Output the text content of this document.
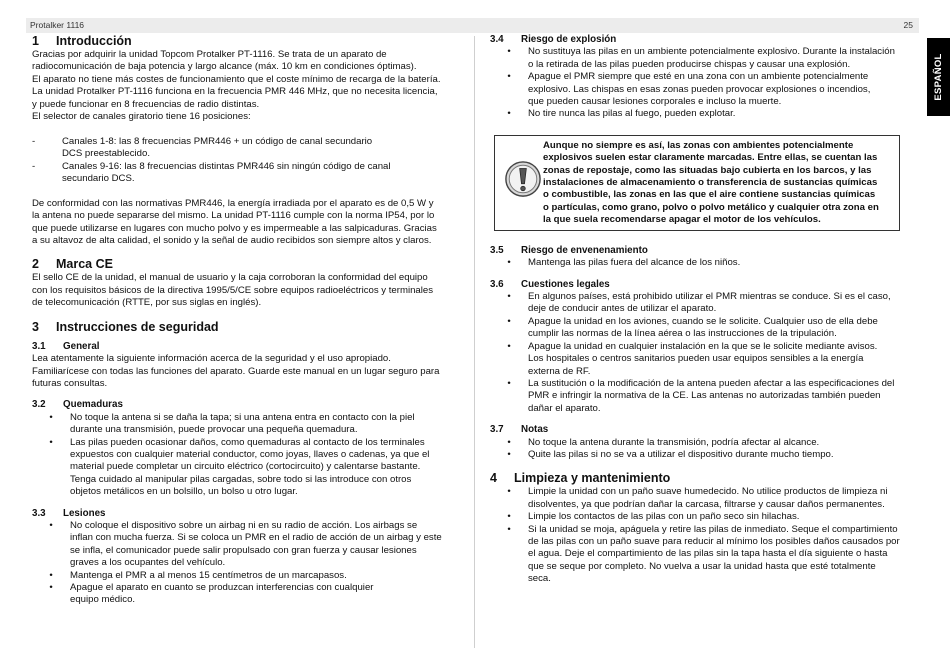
Protalker 1116	25
ESPAÑOL
1	Introducción

Gracias por adquirir la unidad Topcom Protalker PT-1116. Se trata de un aparato de

radiocomunicación de baja potencia y largo alcance (máx. 10 km en condiciones óptimas).

El aparato no tiene más costes de funcionamiento que el coste mínimo de recarga de la batería.

La unidad Protalker PT-1116 funciona en la frecuencia PMR 446 MHz, que no necesita licencia,

y puede funcionar en 8 frecuencias de radio distintas.

El selector de canales giratorio tiene 16 posiciones:

-	Canales 1-8: las 8 frecuencias PMR446 + un código de canal secundario

DCS preestablecido.

-	Canales 9-16: las 8 frecuencias distintas PMR446 sin ningún código de canal

secundario DCS.

De conformidad con las normativas PMR446, la energía irradiada por el aparato es de 0,5 W y

la antena no puede separarse del mismo. La unidad PT-1116 cumple con la norma IP54, por lo

que puede utilizarse en lugares con mucho polvo y es impermeable a las salpicaduras. Gracias

a su altavoz de alta calidad, el sonido y la señal de audio recibidos son siempre altos y claros.

2	Marca CE

El sello CE de la unidad, el manual de usuario y la caja corroboran la conformidad del equipo

con los requisitos básicos de la directiva 1995/5/CE sobre equipos radioeléctricos y terminales

de telecomunicación (RTTE, por sus siglas en inglés).

3	Instrucciones de seguridad
3.1	General

Lea atentamente la siguiente información acerca de la seguridad y el uso apropiado.

Familiarícese con todas las funciones del aparato. Guarde este manual en un lugar seguro para

futuras consultas.

3.2	Quemaduras
•	No toque la antena si se daña la tapa; si una antena entra en contacto con la piel

durante una transmisión, puede provocar una pequeña quemadura.

•	Las pilas pueden ocasionar daños, como quemaduras al contacto de los terminales

expuestos con cualquier material conductor, como joyas, llaves o cadenas, ya que el

material puede completar un circuito eléctrico (cortocircuito) y calentarse bastante.

Tenga cuidado al manipular pilas cargadas, sobre todo si las introduce con otros

objetos metálicos en un bolsillo, un bolso u otro lugar.

3.3	Lesiones
•	No coloque el dispositivo sobre un airbag ni en su radio de acción. Los airbags se

inflan con mucha fuerza. Si se coloca un PMR en el radio de acción de un airbag y este

se infla, el comunicador puede salir propulsado con gran fuerza y causar lesiones

graves a los ocupantes del vehículo.

•	Mantenga el PMR a al menos 15 centímetros de un marcapasos.

•	Apague el aparato en cuanto se produzcan interferencias con cualquier

equipo médico.

3.4	Riesgo de explosión
•	No sustituya las pilas en un ambiente potencialmente explosivo. Durante la instalación

o la retirada de las pilas pueden producirse chispas y causar una explosión.

•	Apague el PMR siempre que esté en una zona con un ambiente potencialmente

explosivo. Las chispas en esas zonas pueden provocar explosiones o incendios,

que pueden causar lesiones corporales e incluso la muerte.

•	No tire nunca las pilas al fuego, pueden explotar.

Aunque no siempre es así, las zonas con ambientes potencialmente

explosivos suelen estar claramente marcadas. Entre ellas, se cuentan las

zonas de repostaje, como las situadas bajo cubierta en los barcos, y las

instalaciones de almacenamiento o transferencia de sustancias químicas

o combustible, las zonas en las que el aire contiene sustancias químicas

o partículas, como grano, polvo o polvo metálico y cualquier otra zona en

la que suela recomendarse apagar el motor de los vehículos.

3.5	Riesgo de envenenamiento
•	Mantenga las pilas fuera del alcance de los niños.

3.6	Cuestiones legales
•	En algunos países, está prohibido utilizar el PMR mientras se conduce. Si es el caso,

deje de conducir antes de utilizar el aparato.

•	Apague la unidad en los aviones, cuando se le solicite. Cualquier uso de ella debe

cumplir las normas de la línea aérea o las instrucciones de la tripulación.

•	Apague la unidad en cualquier instalación en la que se le solicite mediante avisos.

Los hospitales o centros sanitarios pueden usar equipos sensibles a la energía

externa de RF.

•	La sustitución o la modificación de la antena pueden afectar a las especificaciones del

PMR e infringir la normativa de la CE. Las antenas no autorizadas también pueden

dañar el aparato.

3.7	Notas
•	No toque la antena durante la transmisión, podría afectar al alcance.

•	Quite las pilas si no se va a utilizar el dispositivo durante mucho tiempo.

4	Limpieza y mantenimiento
•	Limpie la unidad con un paño suave humedecido. No utilice productos de limpieza ni

disolventes, ya que podrían dañar la carcasa, filtrarse y causar daños permanentes.

•	Limpie los contactos de las pilas con un paño seco sin hilachas.

•	Si la unidad se moja, apáguela y retire las pilas de inmediato. Seque el compartimiento

de las pilas con un paño suave para reducir al mínimo los posibles daños causados por

el agua. Deje el compartimiento de las pilas sin la tapa hasta el día siguiente o hasta

que se seque por completo. No vuelva a usar la unidad hasta que esté totalmente

seca.
